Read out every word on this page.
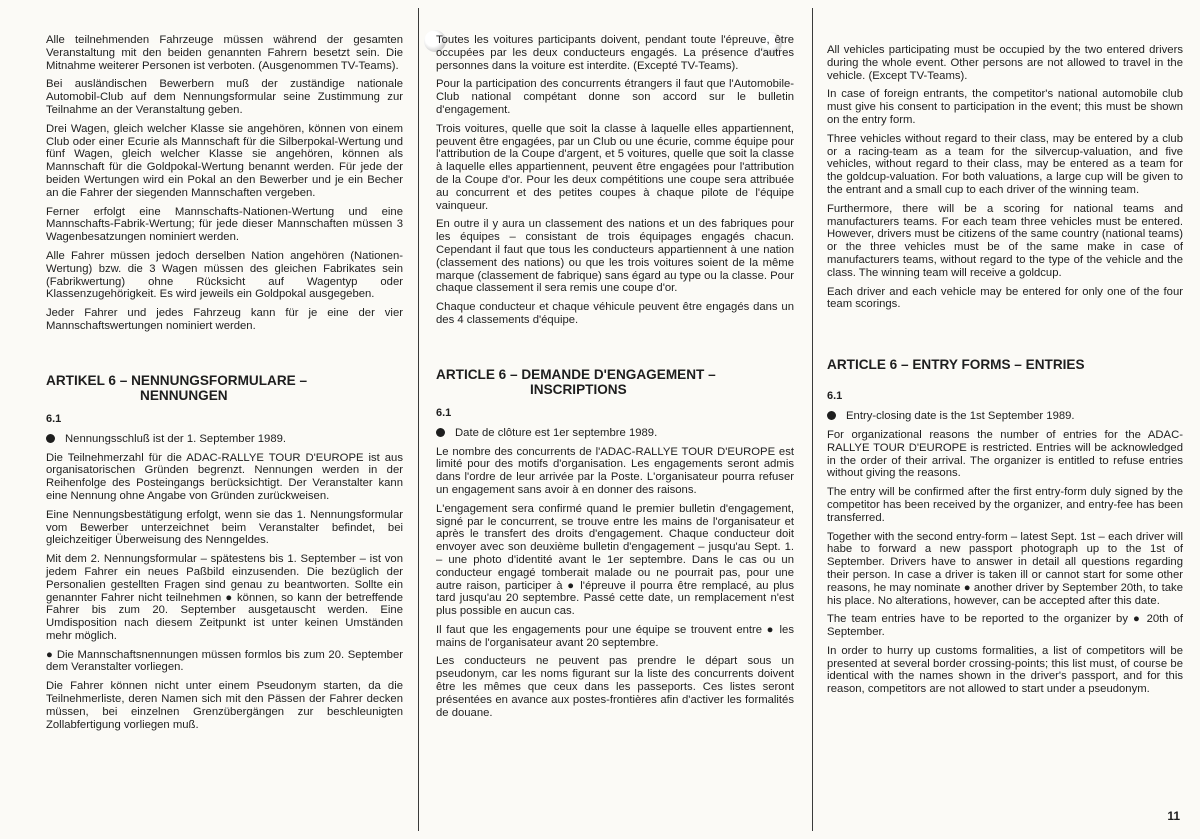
Alle teilnehmenden Fahrzeuge müssen während der gesamten Veranstaltung mit den beiden genannten Fahrern besetzt sein. Die Mitnahme weiterer Personen ist verboten. (Ausgenommen TV-Teams).

Bei ausländischen Bewerbern muß der zuständige nationale Automobil-Club auf dem Nennungsformular seine Zustimmung zur Teilnahme an der Veranstaltung geben.

Drei Wagen, gleich welcher Klasse sie angehören, können von einem Club oder einer Ecurie als Mannschaft für die Silberpokal-Wertung und fünf Wagen, gleich welcher Klasse sie angehören, können als Mannschaft für die Goldpokal-Wertung benannt werden. Für jede der beiden Wertungen wird ein Pokal an den Bewerber und je ein Becher an die Fahrer der siegenden Mannschaften vergeben.

Ferner erfolgt eine Mannschafts-Nationen-Wertung und eine Mannschafts-Fabrik-Wertung; für jede dieser Mannschaften müssen 3 Wagenbesatzungen nominiert werden.

Alle Fahrer müssen jedoch derselben Nation angehören (Nationen-Wertung) bzw. die 3 Wagen müssen des gleichen Fabrikates sein (Fabrikwertung) ohne Rücksicht auf Wagentyp oder Klassenzugehörigkeit. Es wird jeweils ein Goldpokal ausgegeben.

Jeder Fahrer und jedes Fahrzeug kann für je eine der vier Mannschaftswertungen nominiert werden.

ARTIKEL 6 – NENNUNGSFORMULARE –
NENNUNGEN
6.1

Nennungsschluß ist der 1. September 1989.

Die Teilnehmerzahl für die ADAC-RALLYE TOUR D'EUROPE ist aus organisatorischen Gründen begrenzt. Nennungen werden in der Reihenfolge des Posteingangs berücksichtigt. Der Veranstalter kann eine Nennung ohne Angabe von Gründen zurückweisen.

Eine Nennungsbestätigung erfolgt, wenn sie das 1. Nennungsformular vom Bewerber unterzeichnet beim Veranstalter befindet, bei gleichzeitiger Überweisung des Nenngeldes.

Mit dem 2. Nennungsformular – spätestens bis 1. September – ist von jedem Fahrer ein neues Paßbild einzusenden. Die bezüglich der Personalien gestellten Fragen sind genau zu beantworten. Sollte ein genannter Fahrer nicht teilnehmen ● können, so kann der betreffende Fahrer bis zum 20. September ausgetauscht werden. Eine Umdisposition nach diesem Zeitpunkt ist unter keinen Umständen mehr möglich.

● Die Mannschaftsnennungen müssen formlos bis zum 20. September dem Veranstalter vorliegen.

Die Fahrer können nicht unter einem Pseudonym starten, da die Teilnehmerliste, deren Namen sich mit den Pässen der Fahrer decken müssen, bei einzelnen Grenzübergängen zur beschleunigten Zollabfertigung vorliegen muß.

Toutes les voitures participants doivent, pendant toute l'épreuve, être occupées par les deux conducteurs engagés. La présence d'autres personnes dans la voiture est interdite. (Excepté TV-Teams).

Pour la participation des concurrents étrangers il faut que l'Automobile-Club national compétant donne son accord sur le bulletin d'engagement.

Trois voitures, quelle que soit la classe à laquelle elles appartiennent, peuvent être engagées, par un Club ou une écurie, comme équipe pour l'attribution de la Coupe d'argent, et 5 voitures, quelle que soit la classe à laquelle elles appartiennent, peuvent être engagées pour l'attribution de la Coupe d'or. Pour les deux compétitions une coupe sera attribuée au concurrent et des petites coupes à chaque pilote de l'équipe vainqueur.

En outre il y aura un classement des nations et un des fabriques pour les équipes – consistant de trois équipages engagés chacun. Cependant il faut que tous les conducteurs appartiennent à une nation (classement des nations) ou que les trois voitures soient de la même marque (classement de fabrique) sans égard au type ou la classe. Pour chaque classement il sera remis une coupe d'or.

Chaque conducteur et chaque véhicule peuvent être engagés dans un des 4 classements d'équipe.

ARTICLE 6 – DEMANDE D'ENGAGEMENT –
INSCRIPTIONS
6.1

Date de clôture est 1er septembre 1989.

Le nombre des concurrents de l'ADAC-RALLYE TOUR D'EUROPE est limité pour des motifs d'organisation. Les engagements seront admis dans l'ordre de leur arrivée par la Poste. L'organisateur pourra refuser un engagement sans avoir à en donner des raisons.

L'engagement sera confirmé quand le premier bulletin d'engagement, signé par le concurrent, se trouve entre les mains de l'organisateur et après le transfert des droits d'engagement. Chaque conducteur doit envoyer avec son deuxième bulletin d'engagement – jusqu'au Sept. 1. – une photo d'identité avant le 1er septembre. Dans le cas ou un conducteur engagé tomberait malade ou ne pourrait pas, pour une autre raison, participer à ● l'épreuve il pourra être remplacé, au plus tard jusqu'au 20 septembre. Passé cette date, un remplacement n'est plus possible en aucun cas.

Il faut que les engagements pour une équipe se trouvent entre ● les mains de l'organisateur avant 20 septembre.

Les conducteurs ne peuvent pas prendre le départ sous un pseudonym, car les noms figurant sur la liste des concurrents doivent être les mêmes que ceux dans les passeports. Ces listes seront présentées en avance aux postes-frontières afin d'activer les formalités de douane.

All vehicles participating must be occupied by the two entered drivers during the whole event. Other persons are not allowed to travel in the vehicle. (Except TV-Teams).

In case of foreign entrants, the competitor's national automobile club must give his consent to participation in the event; this must be shown on the entry form.

Three vehicles without regard to their class, may be entered by a club or a racing-team as a team for the silvercup-valuation, and five vehicles, without regard to their class, may be entered as a team for the goldcup-valuation. For both valuations, a large cup will be given to the entrant and a small cup to each driver of the winning team.

Furthermore, there will be a scoring for national teams and manufacturers teams. For each team three vehicles must be entered. However, drivers must be citizens of the same country (national teams) or the three vehicles must be of the same make in case of manufacturers teams, without regard to the type of the vehicle and the class. The winning team will receive a goldcup.

Each driver and each vehicle may be entered for only one of the four team scorings.

ARTICLE 6 – ENTRY FORMS – ENTRIES
6.1

Entry-closing date is the 1st September 1989.

For organizational reasons the number of entries for the ADAC-RALLYE TOUR D'EUROPE is restricted. Entries will be acknowledged in the order of their arrival. The organizer is entitled to refuse entries without giving the reasons.

The entry will be confirmed after the first entry-form duly signed by the competitor has been received by the organizer, and entry-fee has been transferred.

Together with the second entry-form – latest Sept. 1st – each driver will habe to forward a new passport photograph up to the 1st of September. Drivers have to answer in detail all questions regarding their person. In case a driver is taken ill or cannot start for some other reasons, he may nominate ● another driver by September 20th, to take his place. No alterations, however, can be accepted after this date.

The team entries have to be reported to the organizer by ● 20th of September.

In order to hurry up customs formalities, a list of competitors will be presented at several border crossing-points; this list must, of course be identical with the names shown in the driver's passport, and for this reason, competitors are not allowed to start under a pseudonym.

11
